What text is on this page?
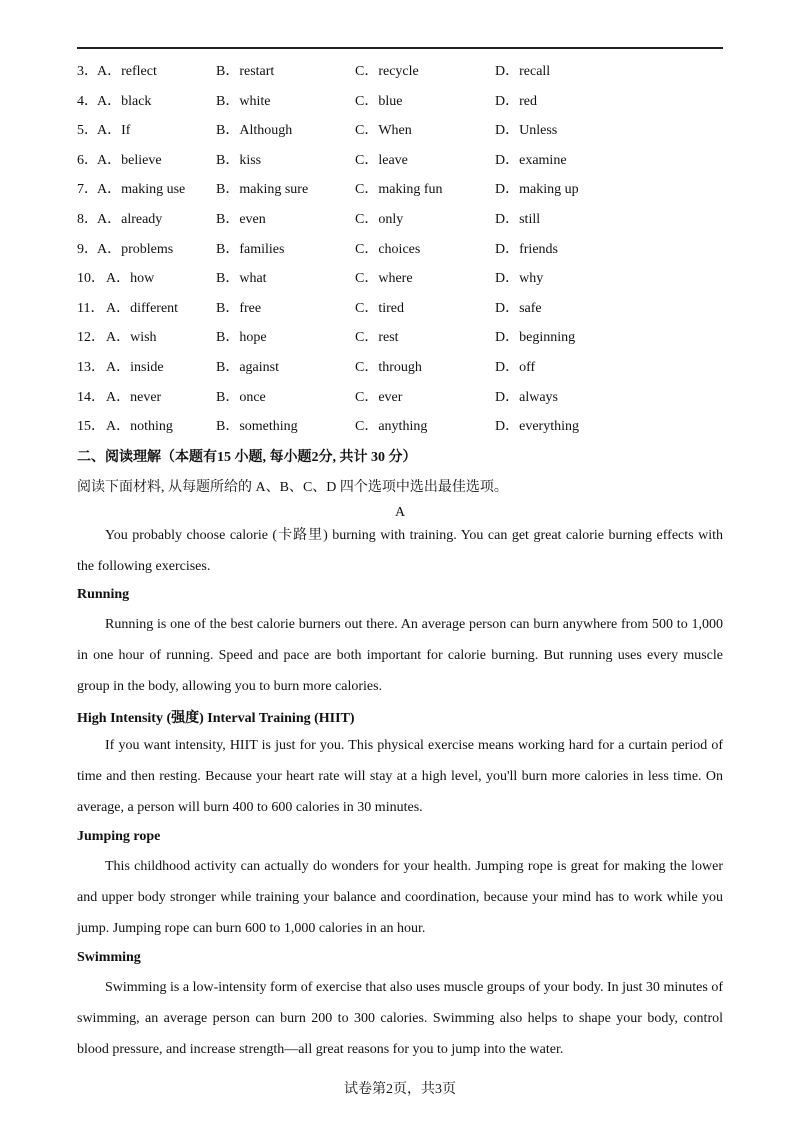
3． A．reflect	B．restart	C．recycle	D．recall
4． A．black	B．white	C．blue	D．red
5． A．If	B．Although	C．When	D．Unless
6． A．believe	B．kiss	C．leave	D．examine
7． A．making use B．making sure	C．making fun	D．making up
8． A．already	B．even	C．only	D．still
9． A．problems	B．families	C．choices	D．friends
10． A．how	B．what	C．where	D．why
11． A．different	B．free	C．tired	D．safe
12． A．wish	B．hope	C．rest	D．beginning
13． A．inside	B．against	C．through	D．off
14． A．never	B．once	C．ever	D．always
15． A．nothing	B．something	C．anything	D．everything
二、阅读理解（本题有15 小题, 每小题2分, 共计 30 分）
阅读下面材料, 从每题所给的 A、B、C、D 四个选项中选出最佳选项。
A
You probably choose calorie (卡路里) burning with training. You can get great calorie burning effects with the following exercises.
Running
Running is one of the best calorie burners out there. An average person can burn anywhere from 500 to 1,000 in one hour of running. Speed and pace are both important for calorie burning. But running uses every muscle group in the body, allowing you to burn more calories.
High Intensity (强度) Interval Training (HIIT)
If you want intensity, HIIT is just for you. This physical exercise means working hard for a curtain period of time and then resting. Because your heart rate will stay at a high level, you'll burn more calories in less time. On average, a person will burn 400 to 600 calories in 30 minutes.
Jumping rope
This childhood activity can actually do wonders for your health. Jumping rope is great for making the lower and upper body stronger while training your balance and coordination, because your mind has to work while you jump. Jumping rope can burn 600 to 1,000 calories in an hour.
Swimming
Swimming is a low-intensity form of exercise that also uses muscle groups of your body. In just 30 minutes of swimming, an average person can burn 200 to 300 calories. Swimming also helps to shape your body, control blood pressure, and increase strength—all great reasons for you to jump into the water.
试卷第2页，共3页
